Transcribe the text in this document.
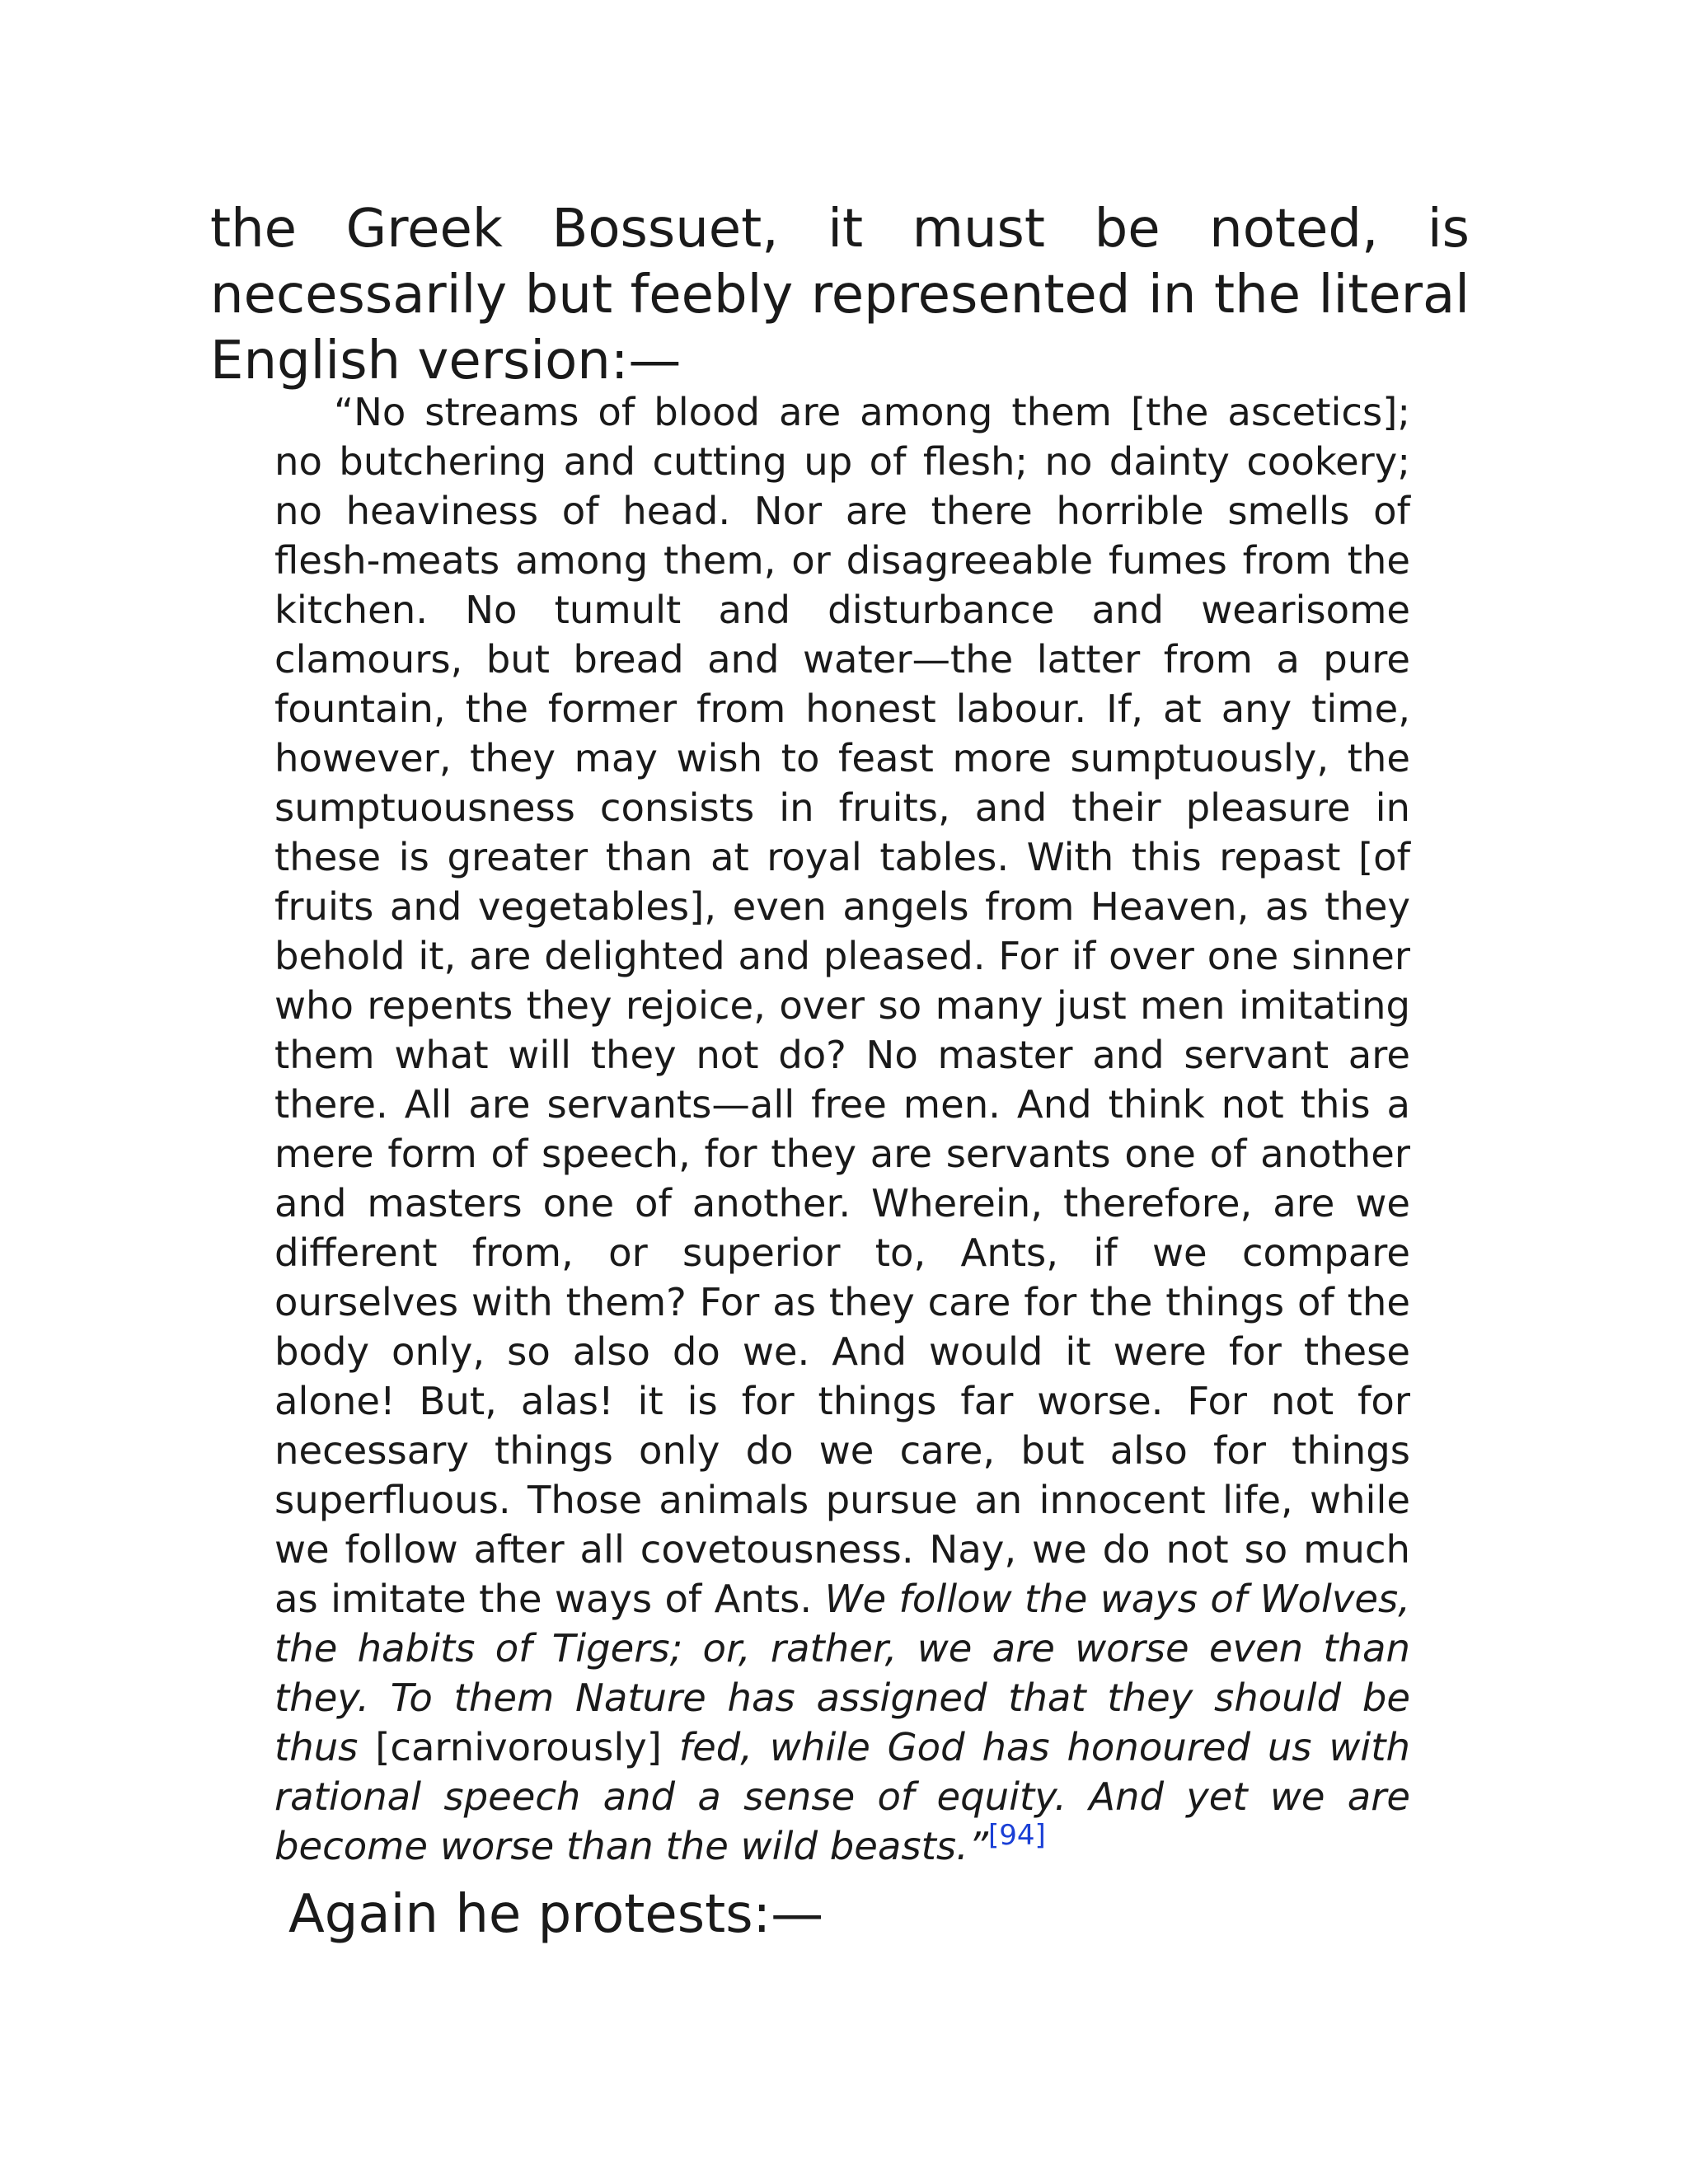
the Greek Bossuet, it must be noted, is necessarily but feebly represented in the literal English version:—

“No streams of blood are among them [the ascetics]; no butchering and cutting up of flesh; no dainty cookery; no heaviness of head. Nor are there horrible smells of flesh-meats among them, or disagreeable fumes from the kitchen. No tumult and disturbance and wearisome clamours, but bread and water—the latter from a pure fountain, the former from honest labour. If, at any time, however, they may wish to feast more sumptuously, the sumptuousness consists in fruits, and their pleasure in these is greater than at royal tables. With this repast [of fruits and vegetables], even angels from Heaven, as they behold it, are delighted and pleased. For if over one sinner who repents they rejoice, over so many just men imitating them what will they not do? No master and servant are there. All are servants—all free men. And think not this a mere form of speech, for they are servants one of another and masters one of another. Wherein, therefore, are we different from, or superior to, Ants, if we compare ourselves with them? For as they care for the things of the body only, so also do we. And would it were for these alone! But, alas! it is for things far worse. For not for necessary things only do we care, but also for things superfluous. Those animals pursue an innocent life, while we follow after all covetousness. Nay, we do not so much as imitate the ways of Ants. We follow the ways of Wolves, the habits of Tigers; or, rather, we are worse even than they. To them Nature has assigned that they should be thus [carnivorously] fed, while God has honoured us with rational speech and a sense of equity. And yet we are become worse than the wild beasts.”[94]

Again he protests:—
